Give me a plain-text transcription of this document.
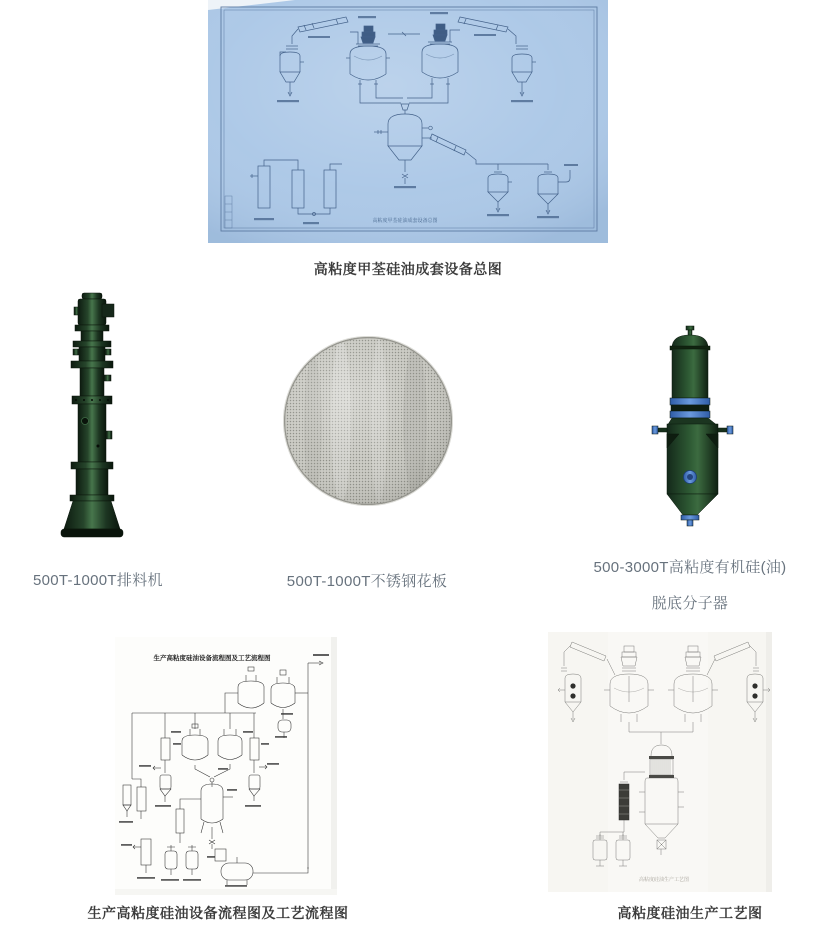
高粘度甲荃硅油成套设备总图
高粘度甲荃硅油成套设备总图
500T-1000T排料机	500T-1000T不锈钢花板
500-3000T高粘度有机硅(油)
脱底分子器
生产高粘度硅油设备流程图及工艺流程图
生产高粘度硅油设备流程图及工艺流程图
高粘度硅油生产工艺图
高粘度硅油生产工艺图
